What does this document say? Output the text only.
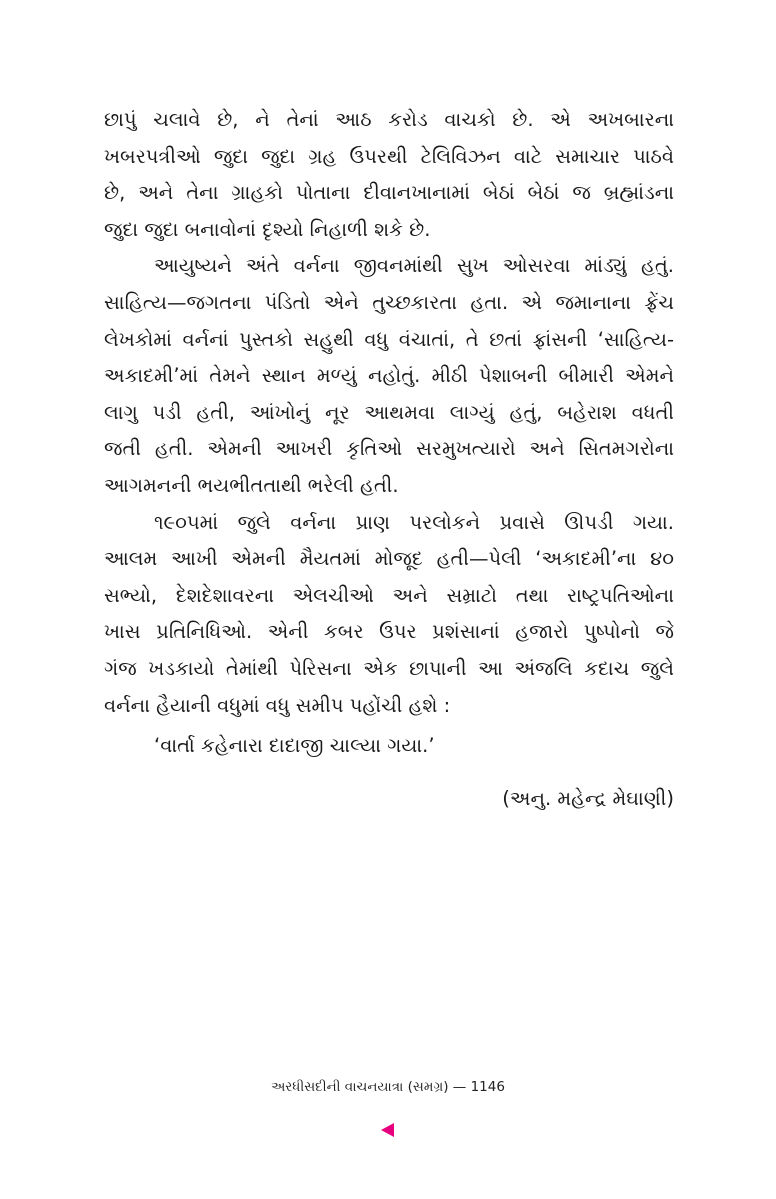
છાપું ચલાવે છે, ને તેનાં આઠ કરોડ વાચકો છે. એ અખબારના
ખબરપત્રીઓ જુદા જુદા ગ્રહ ઉપરથી ટેલિવિઝન વાટે સમાચાર પાઠવે
છે, અને તેના ગ્રાહકો પોતાના દીવાનખાનામાં બેઠાં બેઠાં જ બ્રહ્માંડના
જુદા જુદા બનાવોનાં દૃશ્યો નિહાળી શકે છે.

આયુષ્યને અંતે વર્નના જીવનમાંથી સુખ ઓસરવા માંડ્યું હતું.
સાહિત્ય—જગતના પંડિતો એને તુચ્છકારતા હતા. એ જમાનાના ફ્રેંચ
લેખકોમાં વર્નનાં પુસ્તકો સહુથી વધુ વંચાતાં, તે છતાં ફ્રાંસની ‘સાહિત્ય-
અકાદમી’માં તેમને સ્થાન મળ્યું નહોતું. મીઠી પેશાબની બીમારી એમને
લાગુ પડી હતી, આંખોનું નૂર આથમવા લાગ્યું હતું, બહેરાશ વધતી
જતી હતી. એમની આખરી કૃતિઓ સરમુખત્યારો અને સિતમગરોના
આગમનની ભયભીતતાથી ભરેલી હતી.

૧૯૦૫માં જુલે વર્નના પ્રાણ પરલોકને પ્રવાસે ઊપડી ગયા.
આલમ આખી એમની મૈયતમાં મોજૂદ હતી—પેલી ‘અકાદમી’ના ૪૦
સભ્યો, દેશદેશાવરના એલચીઓ અને સમ્રાટો તથા રાષ્ટ્રપતિઓના
ખાસ પ્રતિનિધિઓ. એની કબર ઉપર પ્રશંસાનાં હજારો પુષ્પોનો જે
ગંજ ખડકાયો તેમાંથી પેરિસના એક છાપાની આ અંજલિ કદાચ જુલે
વર્નના હૈયાની વધુમાં વધુ સમીપ પહોંચી હશે :

‘વાર્તા કહેનારા દાદાજી ચાલ્યા ગયા.’

(અનુ. મહેન્દ્ર મેઘાણી)

અરધીસદીની વાચનયાત્રા (સમગ્ર) — 1146
